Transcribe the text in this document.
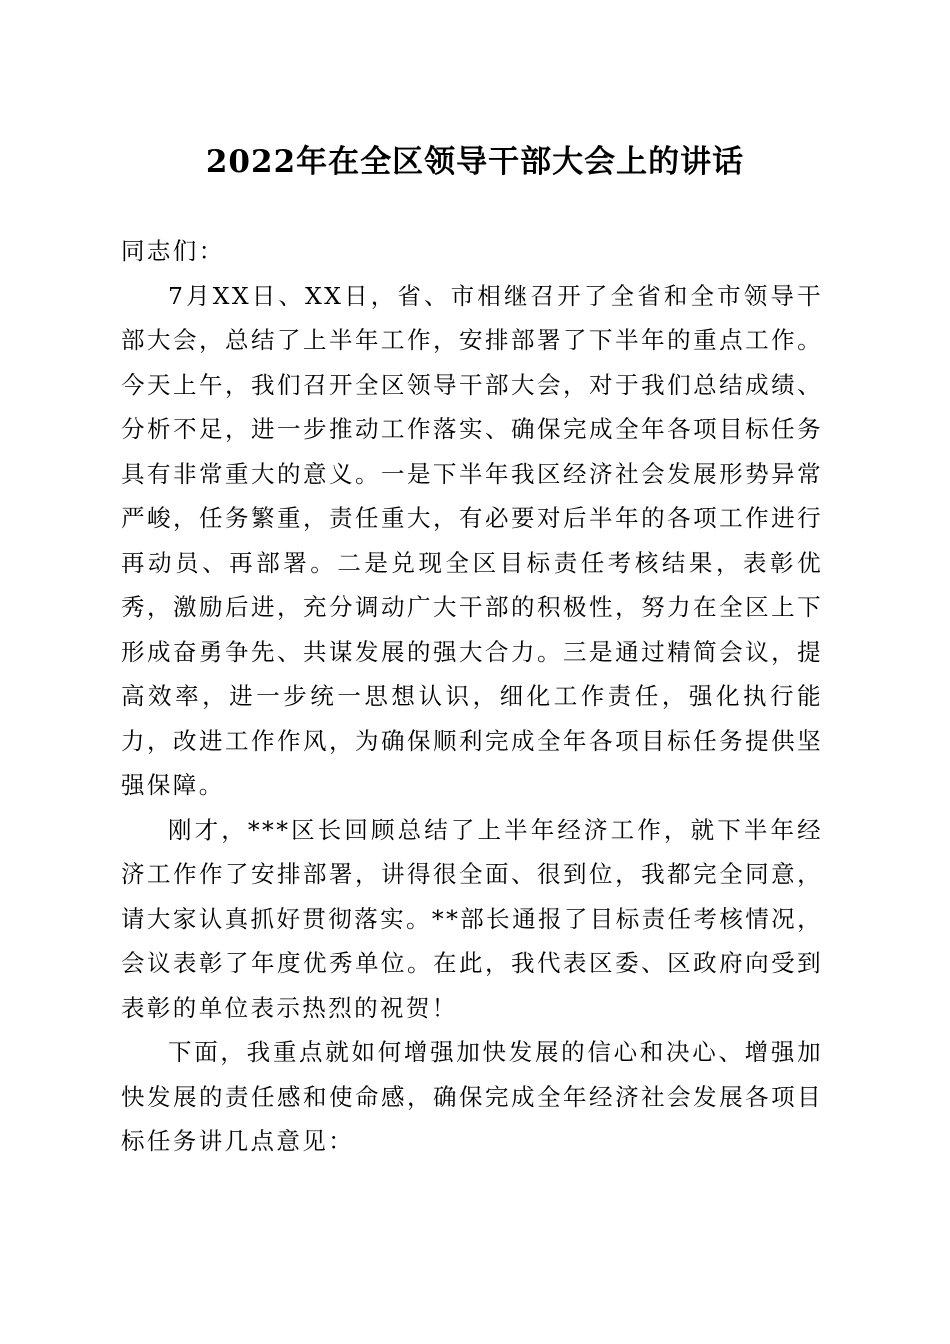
2022年在全区领导干部大会上的讲话

同志们：

7月XX日、XX日，省、市相继召开了全省和全市领导干部大会，总结了上半年工作，安排部署了下半年的重点工作。今天上午，我们召开全区领导干部大会，对于我们总结成绩、分析不足，进一步推动工作落实、确保完成全年各项目标任务具有非常重大的意义。一是下半年我区经济社会发展形势异常严峻，任务繁重，责任重大，有必要对后半年的各项工作进行再动员、再部署。二是兑现全区目标责任考核结果，表彰优秀，激励后进，充分调动广大干部的积极性，努力在全区上下形成奋勇争先、共谋发展的强大合力。三是通过精简会议，提高效率，进一步统一思想认识，细化工作责任，强化执行能力，改进工作作风，为确保顺利完成全年各项目标任务提供坚强保障。

刚才，***区长回顾总结了上半年经济工作，就下半年经济工作作了安排部署，讲得很全面、很到位，我都完全同意，请大家认真抓好贯彻落实。**部长通报了目标责任考核情况，会议表彰了年度优秀单位。在此，我代表区委、区政府向受到表彰的单位表示热烈的祝贺！

下面，我重点就如何增强加快发展的信心和决心、增强加快发展的责任感和使命感，确保完成全年经济社会发展各项目标任务讲几点意见：
